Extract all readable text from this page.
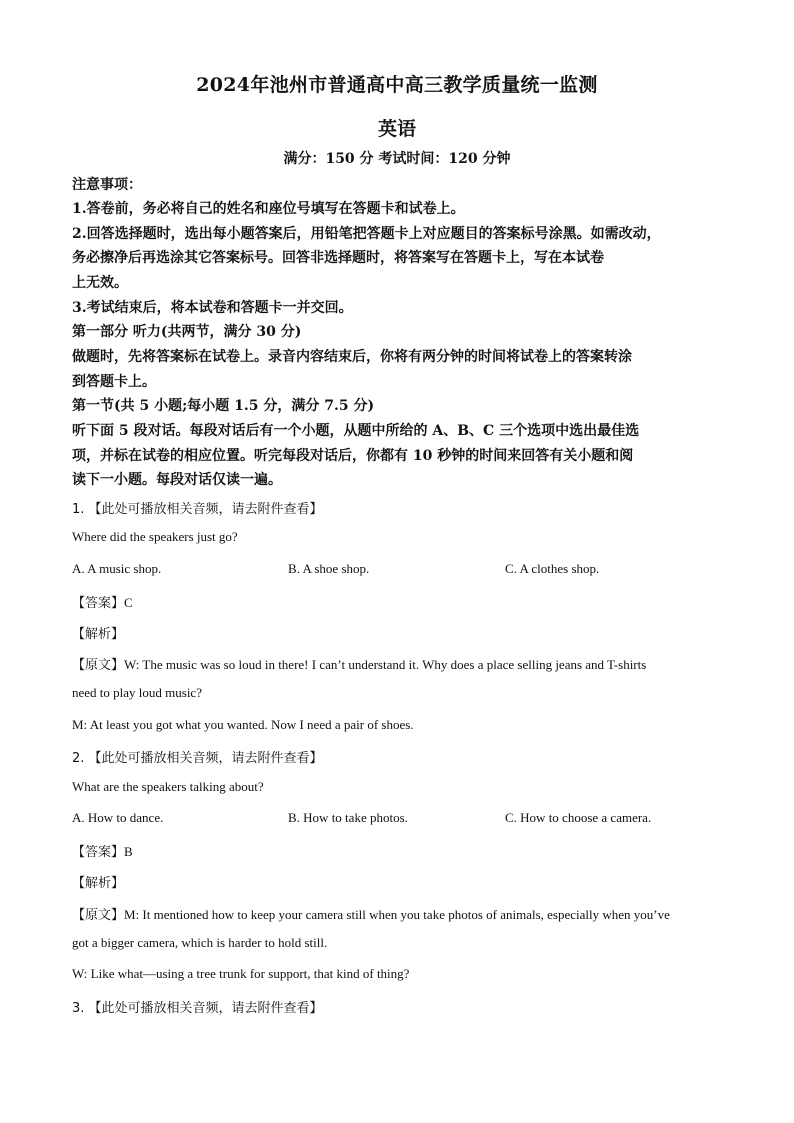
2024年池州市普通高中高三教学质量统一监测
英语
满分：150 分 考试时间：120 分钟
注意事项：
1.答卷前，务必将自己的姓名和座位号填写在答题卡和试卷上。
2.回答选择题时，选出每小题答案后，用铅笔把答题卡上对应题目的答案标号涂黑。如需改动，
务必擦净后再选涂其它答案标号。回答非选择题时，将答案写在答题卡上，写在本试卷
上无效。
3.考试结束后，将本试卷和答题卡一并交回。
第一部分 听力(共两节，满分 30 分)
做题时，先将答案标在试卷上。录音内容结束后，你将有两分钟的时间将试卷上的答案转涂
到答题卡上。
第一节(共 5 小题;每小题 1.5 分，满分 7.5 分)
听下面 5 段对话。每段对话后有一个小题，从题中所给的 A、B、C 三个选项中选出最佳选
项，并标在试卷的相应位置。听完每段对话后，你都有 10 秒钟的时间来回答有关小题和阅
读下一小题。每段对话仅读一遍。
1. 【此处可播放相关音频，请去附件查看】
Where did the speakers just go?
A. A music shop.	B. A shoe shop.	C. A clothes shop.
【答案】C
【解析】
【原文】W: The music was so loud in there! I can’t understand it. Why does a place selling jeans and T-shirts
need to play loud music?
M: At least you got what you wanted. Now I need a pair of shoes.
2. 【此处可播放相关音频，请去附件查看】
What are the speakers talking about?
A. How to dance.	B. How to take photos.	C. How to choose a camera.
【答案】B
【解析】
【原文】M: It mentioned how to keep your camera still when you take photos of animals, especially when you’ve
got a bigger camera, which is harder to hold still.
W: Like what—using a tree trunk for support, that kind of thing?
3. 【此处可播放相关音频，请去附件查看】
